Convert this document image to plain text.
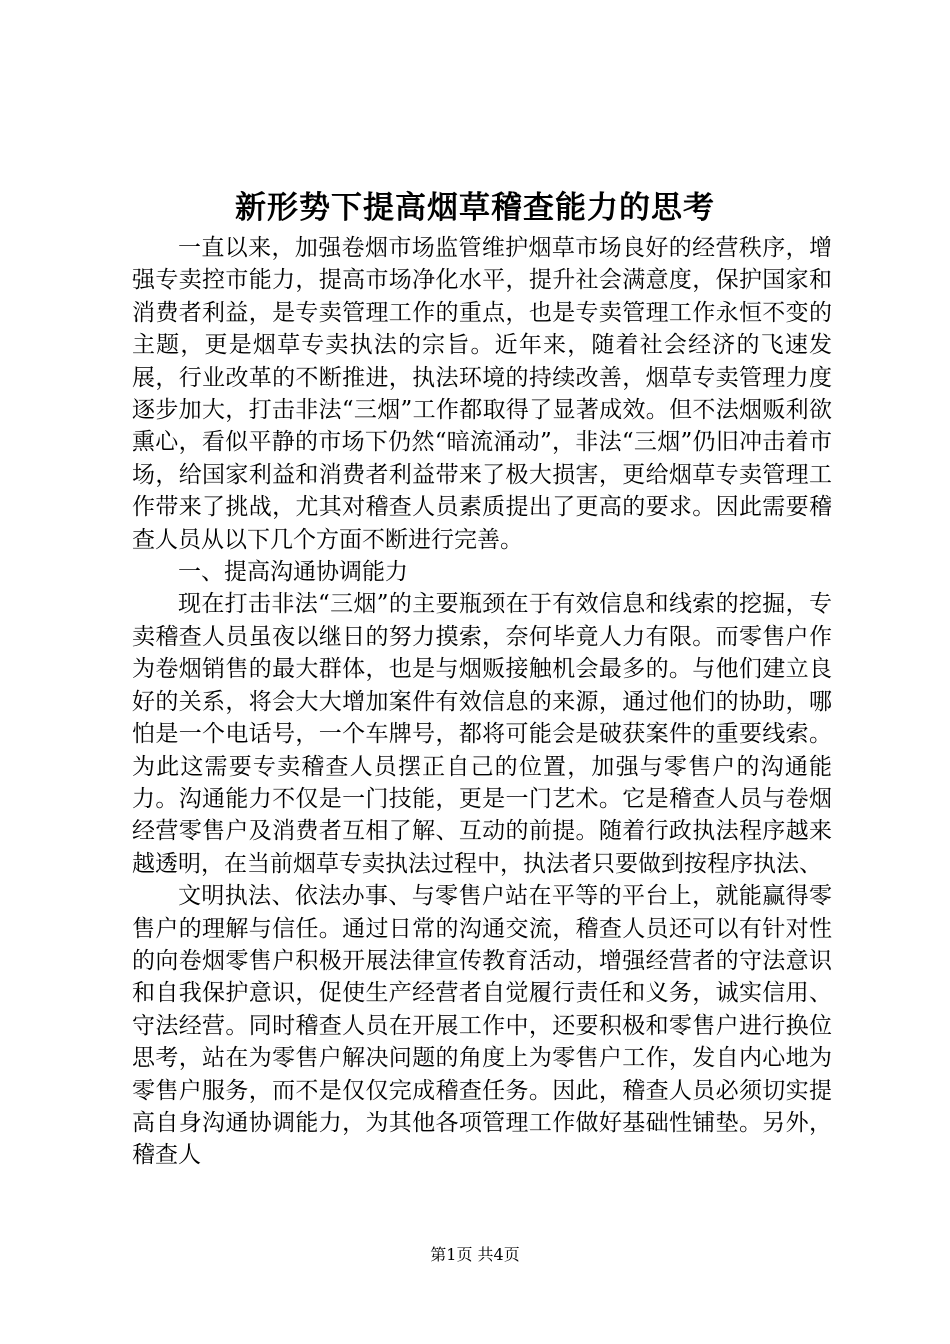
新形势下提高烟草稽查能力的思考

一直以来，加强卷烟市场监管维护烟草市场良好的经营秩序，增强专卖控市能力，提高市场净化水平，提升社会满意度，保护国家和消费者利益，是专卖管理工作的重点，也是专卖管理工作永恒不变的主题，更是烟草专卖执法的宗旨。近年来，随着社会经济的飞速发展，行业改革的不断推进，执法环境的持续改善，烟草专卖管理力度逐步加大，打击非法“三烟”工作都取得了显著成效。但不法烟贩利欲熏心，看似平静的市场下仍然“暗流涌动”，非法“三烟”仍旧冲击着市场，给国家利益和消费者利益带来了极大损害，更给烟草专卖管理工作带来了挑战，尤其对稽查人员素质提出了更高的要求。因此需要稽查人员从以下几个方面不断进行完善。

一、提高沟通协调能力

现在打击非法“三烟”的主要瓶颈在于有效信息和线索的挖掘，专卖稽查人员虽夜以继日的努力摸索，奈何毕竟人力有限。而零售户作为卷烟销售的最大群体，也是与烟贩接触机会最多的。与他们建立良好的关系，将会大大增加案件有效信息的来源，通过他们的协助，哪怕是一个电话号，一个车牌号，都将可能会是破获案件的重要线索。为此这需要专卖稽查人员摆正自己的位置，加强与零售户的沟通能力。沟通能力不仅是一门技能，更是一门艺术。它是稽查人员与卷烟经营零售户及消费者互相了解、互动的前提。随着行政执法程序越来越透明，在当前烟草专卖执法过程中，执法者只要做到按程序执法、

文明执法、依法办事、与零售户站在平等的平台上，就能赢得零售户的理解与信任。通过日常的沟通交流，稽查人员还可以有针对性的向卷烟零售户积极开展法律宣传教育活动，增强经营者的守法意识和自我保护意识，促使生产经营者自觉履行责任和义务，诚实信用、守法经营。同时稽查人员在开展工作中，还要积极和零售户进行换位思考，站在为零售户解决问题的角度上为零售户工作，发自内心地为零售户服务，而不是仅仅完成稽查任务。因此，稽查人员必须切实提高自身沟通协调能力，为其他各项管理工作做好基础性铺垫。另外，稽查人

第1页 共4页
